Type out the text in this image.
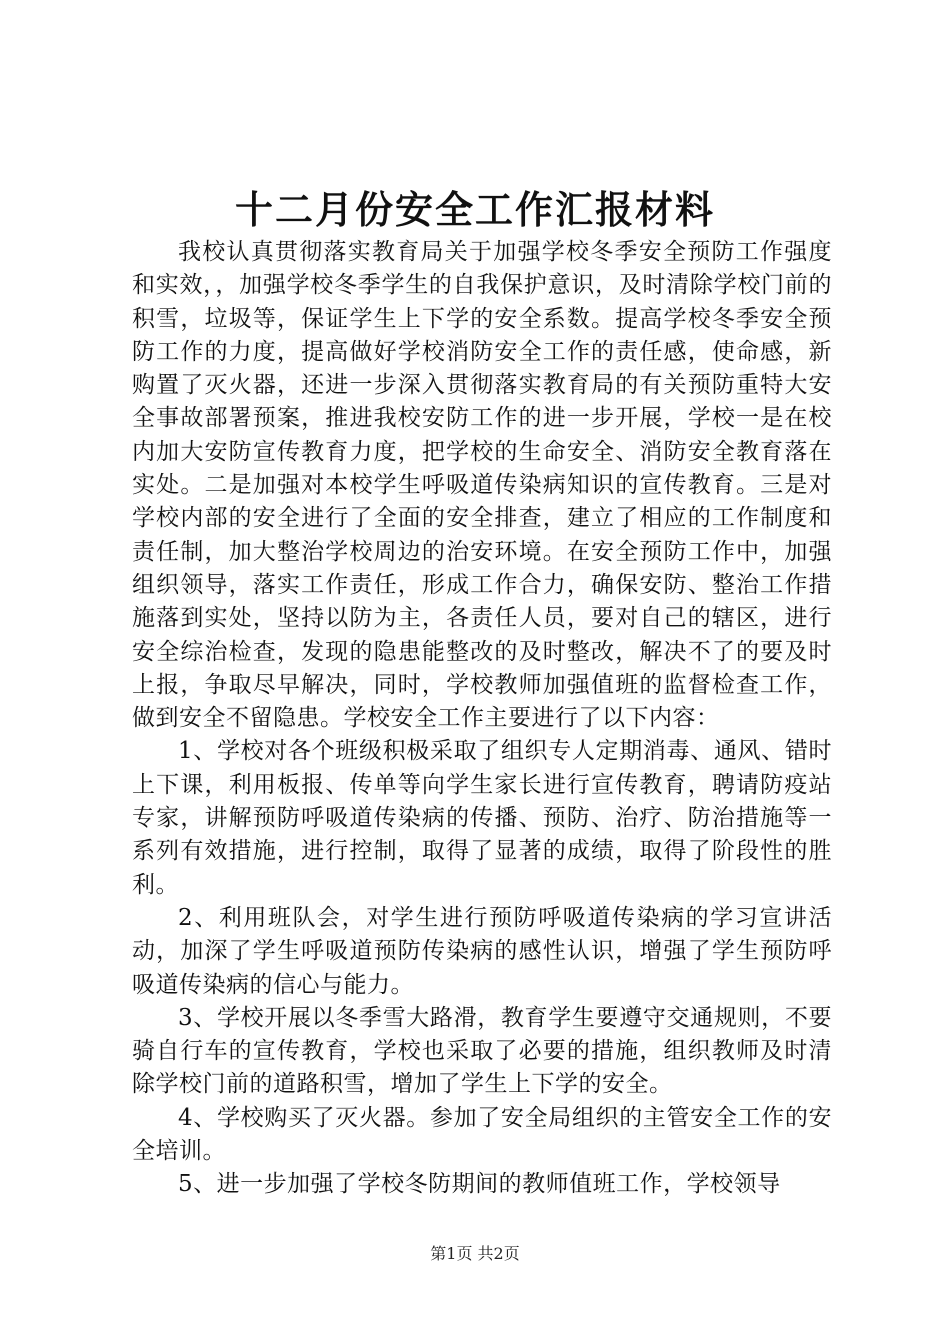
十二月份安全工作汇报材料

我校认真贯彻落实教育局关于加强学校冬季安全预防工作强度和实效，，加强学校冬季学生的自我保护意识，及时清除学校门前的积雪，垃圾等，保证学生上下学的安全系数。提高学校冬季安全预防工作的力度，提高做好学校消防安全工作的责任感，使命感，新购置了灭火器，还进一步深入贯彻落实教育局的有关预防重特大安全事故部署预案，推进我校安防工作的进一步开展，学校一是在校内加大安防宣传教育力度，把学校的生命安全、消防安全教育落在实处。二是加强对本校学生呼吸道传染病知识的宣传教育。三是对学校内部的安全进行了全面的安全排查，建立了相应的工作制度和责任制，加大整治学校周边的治安环境。在安全预防工作中，加强组织领导，落实工作责任，形成工作合力，确保安防、整治工作措施落到实处，坚持以防为主，各责任人员，要对自己的辖区，进行安全综治检查，发现的隐患能整改的及时整改，解决不了的要及时上报，争取尽早解决，同时，学校教师加强值班的监督检查工作，做到安全不留隐患。学校安全工作主要进行了以下内容：

1、学校对各个班级积极采取了组织专人定期消毒、通风、错时上下课，利用板报、传单等向学生家长进行宣传教育，聘请防疫站专家，讲解预防呼吸道传染病的传播、预防、治疗、防治措施等一系列有效措施，进行控制，取得了显著的成绩，取得了阶段性的胜利。

2、利用班队会，对学生进行预防呼吸道传染病的学习宣讲活动，加深了学生呼吸道预防传染病的感性认识，增强了学生预防呼吸道传染病的信心与能力。

3、学校开展以冬季雪大路滑，教育学生要遵守交通规则，不要骑自行车的宣传教育，学校也采取了必要的措施，组织教师及时清除学校门前的道路积雪，增加了学生上下学的安全。

4、学校购买了灭火器。参加了安全局组织的主管安全工作的安全培训。

5、进一步加强了学校冬防期间的教师值班工作，学校领导

第1页 共2页
